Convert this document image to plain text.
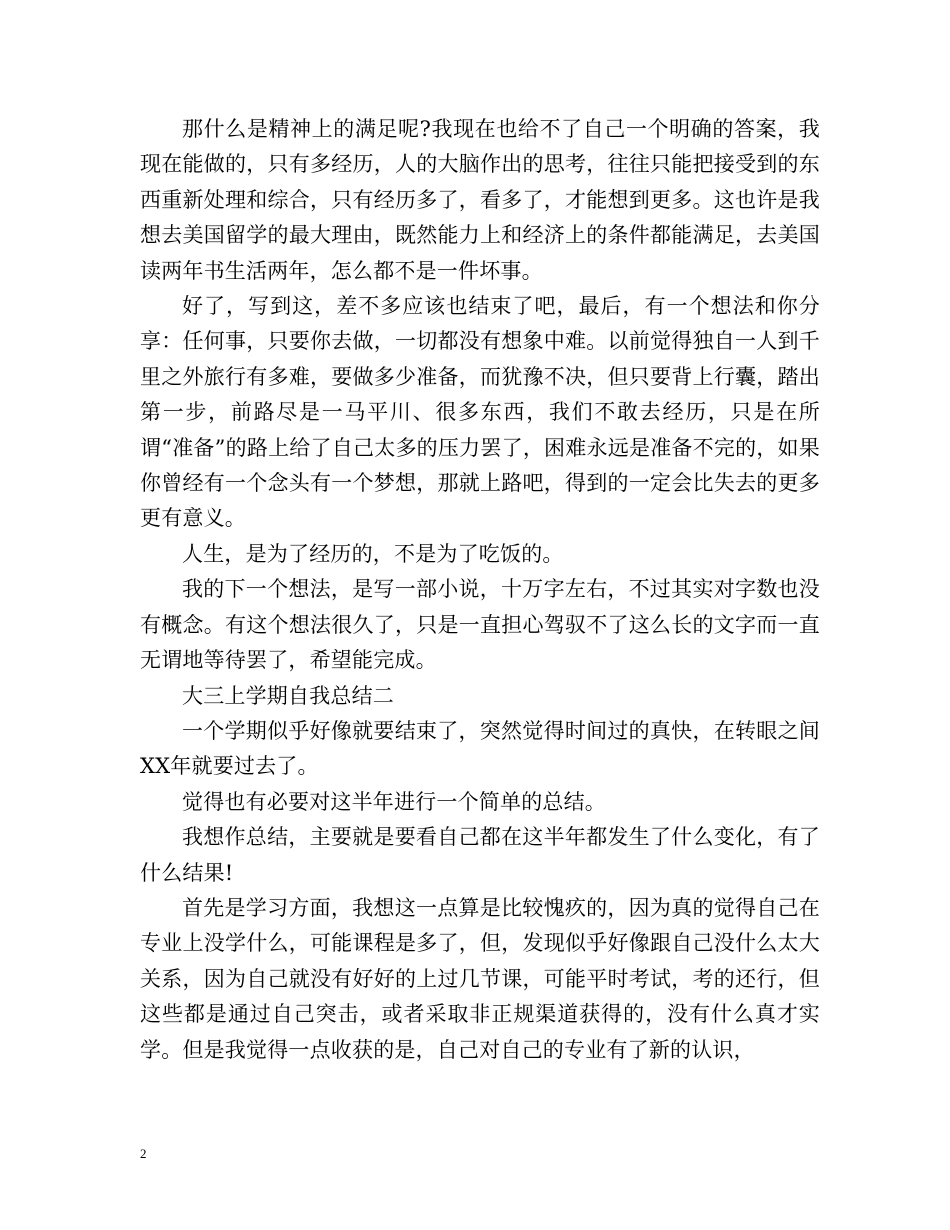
那什么是精神上的满足呢?我现在也给不了自己一个明确的答案，我现在能做的，只有多经历，人的大脑作出的思考，往往只能把接受到的东西重新处理和综合，只有经历多了，看多了，才能想到更多。这也许是我想去美国留学的最大理由，既然能力上和经济上的条件都能满足，去美国读两年书生活两年，怎么都不是一件坏事。

好了，写到这，差不多应该也结束了吧，最后，有一个想法和你分享：任何事，只要你去做，一切都没有想象中难。以前觉得独自一人到千里之外旅行有多难，要做多少准备，而犹豫不决，但只要背上行囊，踏出第一步，前路尽是一马平川、很多东西，我们不敢去经历，只是在所谓“准备”的路上给了自己太多的压力罢了，困难永远是准备不完的，如果你曾经有一个念头有一个梦想，那就上路吧，得到的一定会比失去的更多更有意义。

人生，是为了经历的，不是为了吃饭的。

我的下一个想法，是写一部小说，十万字左右，不过其实对字数也没有概念。有这个想法很久了，只是一直担心驾驭不了这么长的文字而一直无谓地等待罢了，希望能完成。

大三上学期自我总结二

一个学期似乎好像就要结束了，突然觉得时间过的真快，在转眼之间XX年就要过去了。

觉得也有必要对这半年进行一个简单的总结。

我想作总结，主要就是要看自己都在这半年都发生了什么变化，有了什么结果!

首先是学习方面，我想这一点算是比较愧疚的，因为真的觉得自己在专业上没学什么，可能课程是多了，但，发现似乎好像跟自己没什么太大关系，因为自己就没有好好的上过几节课，可能平时考试，考的还行，但这些都是通过自己突击，或者采取非正规渠道获得的，没有什么真才实学。但是我觉得一点收获的是，自己对自己的专业有了新的认识，

2
